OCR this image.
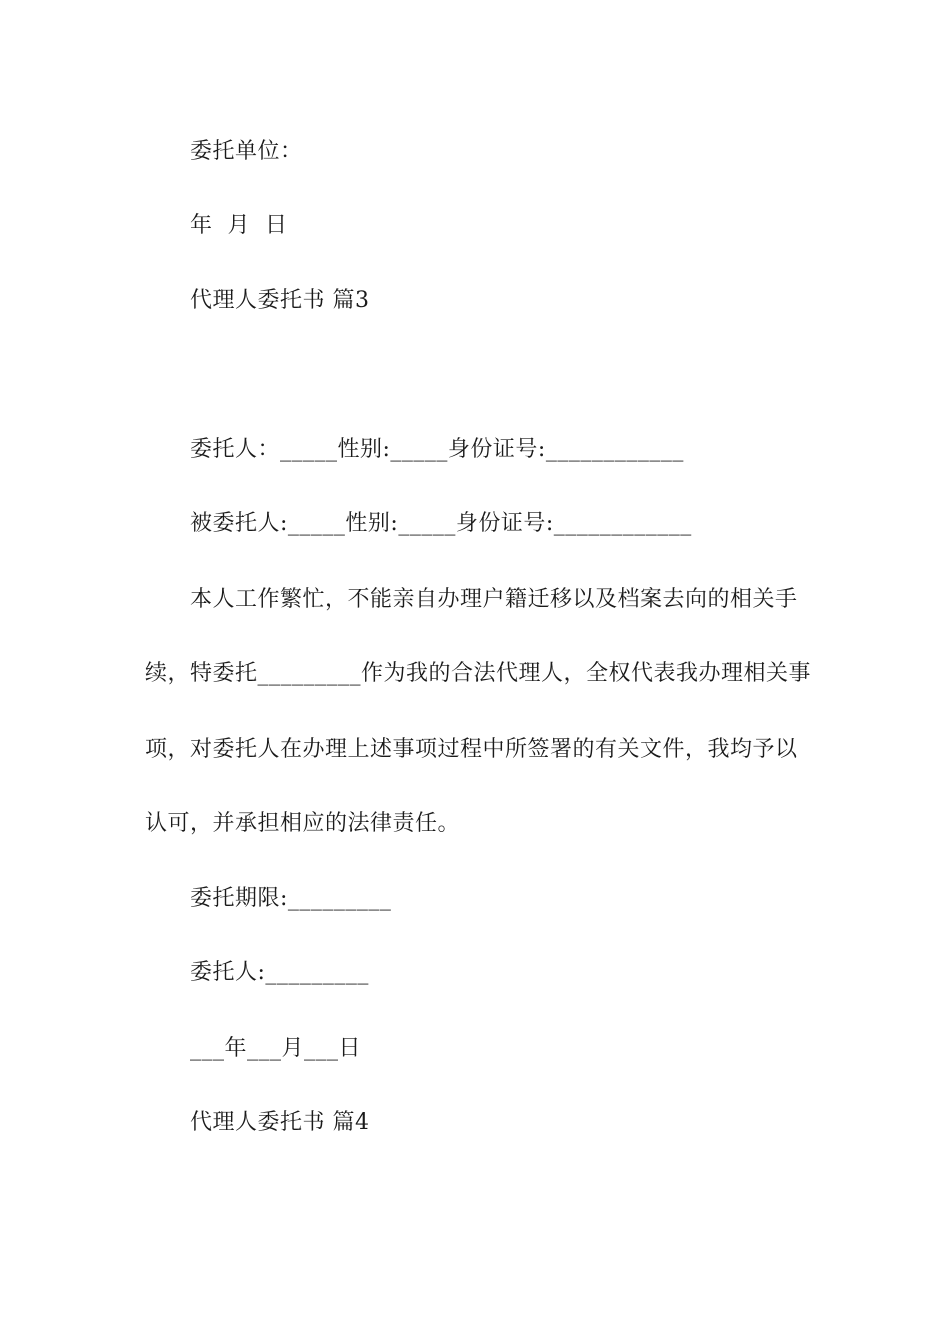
委托单位：
年  月  日
代理人委托书 篇3
委托人：_____性别:_____身份证号:____________
被委托人:_____性别:_____身份证号:____________
本人工作繁忙，不能亲自办理户籍迁移以及档案去向的相关手
续，特委托_________作为我的合法代理人，全权代表我办理相关事
项，对委托人在办理上述事项过程中所签署的有关文件，我均予以
认可，并承担相应的法律责任。
委托期限:_________
委托人:_________
___年___月___日
代理人委托书 篇4
